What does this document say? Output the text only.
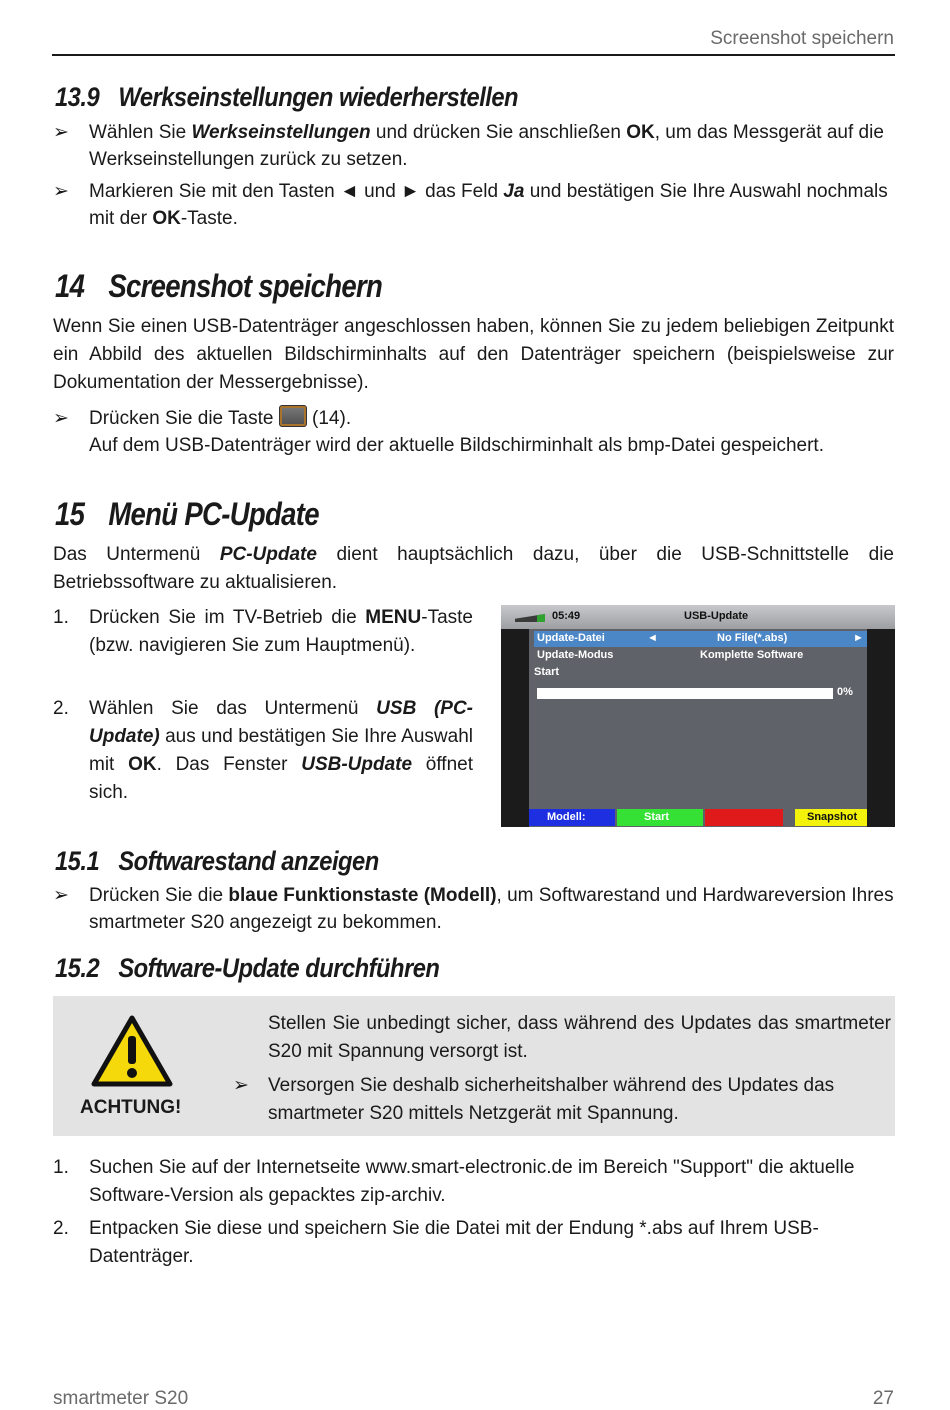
Screenshot speichern
13.9 Werkseinstellungen wiederherstellen
➢	Wählen Sie Werkseinstellungen und drücken Sie anschließen OK, um das Messgerät auf die Werkseinstellungen zurück zu setzen.
➢	Markieren Sie mit den Tasten ◄ und ► das Feld Ja und bestätigen Sie Ihre Auswahl nochmals mit der OK-Taste.
14 Screenshot speichern
Wenn Sie einen USB-Datenträger angeschlossen haben, können Sie zu jedem beliebigen Zeitpunkt ein Abbild des aktuellen Bildschirminhalts auf den Datenträger speichern (beispielsweise zur Dokumentation der Messergebnisse).
➢	Drücken Sie die Taste  (14).
Auf dem USB-Datenträger wird der aktuelle Bildschirminhalt als bmp-Datei gespeichert.
15 Menü PC-Update
Das Untermenü PC-Update dient hauptsächlich dazu, über die USB-Schnittstelle die Betriebssoftware zu aktualisieren.
1. Drücken Sie im TV-Betrieb die MENU-Taste (bzw. navigieren Sie zum Hauptmenü).
2. Wählen Sie das Untermenü USB (PC-Update) aus und bestätigen Sie Ihre Auswahl mit OK. Das Fenster USB-Update öffnet sich.
05:49	USB-Update
Update-Datei	◄	No File(*.abs)	►
Update-Modus	Komplette Software
Start
0%
Modell:	Start	Snapshot
15.1 Softwarestand anzeigen
➢	Drücken Sie die blaue Funktionstaste (Modell), um Softwarestand und Hardwareversion Ihres smartmeter S20 angezeigt zu bekommen.
15.2 Software-Update durchführen
ACHTUNG!
Stellen Sie unbedingt sicher, dass während des Updates das smartmeter S20 mit Spannung versorgt ist.
➢ Versorgen Sie deshalb sicherheitshalber während des Updates das smartmeter S20 mittels Netzgerät mit Spannung.
1. Suchen Sie auf der Internetseite www.smart-electronic.de im Bereich "Support" die aktuelle Software-Version als gepacktes zip-archiv.
2. Entpacken Sie diese und speichern Sie die Datei mit der Endung *.abs auf Ihrem USB-Datenträger.
smartmeter S20	27
